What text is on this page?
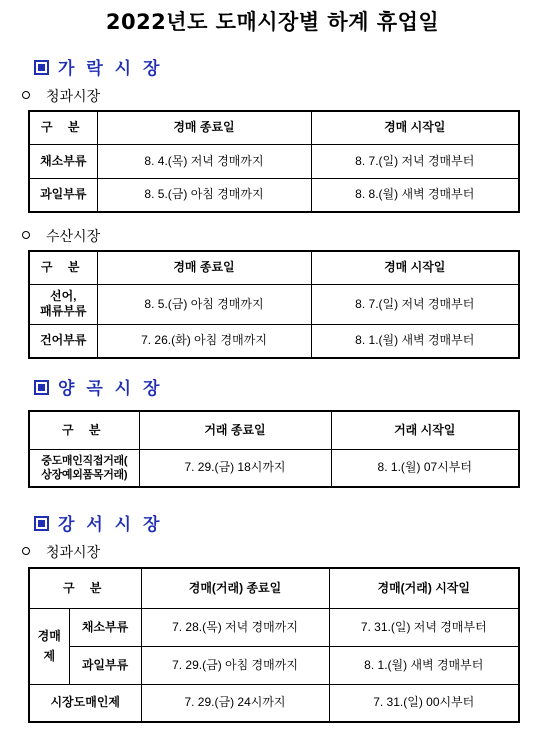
2022년도 도매시장별 하계 휴업일
가 락 시 장
청과시장
구 분	경매 종료일	경매 시작일
채소부류	8. 4.(목) 저녁 경매까지	8. 7.(일) 저녁 경매부터
과일부류	8. 5.(금) 아침 경매까지	8. 8.(월) 새벽 경매부터
수산시장
구 분	경매 종료일	경매 시작일

선어,
패류부류	8. 5.(금) 아침 경매까지	8. 7.(일) 저녁 경매부터
건어부류	7. 26.(화) 아침 경매까지	8. 1.(월) 새벽 경매부터
양 곡 시 장
구 분	거래 종료일	거래 시작일

중도매인직접거래(
상장예외품목거래)	7. 29.(금) 18시까지	8. 1.(월) 07시부터
강 서 시 장
청과시장
구 분		경매(거래) 종료일	경매(거래) 시작일

경매
제	채소부류	7. 28.(목) 저녁 경매까지	7. 31.(일) 저녁 경매부터
	과일부류	7. 29.(금) 아침 경매까지	8. 1.(월) 새벽 경매부터
시장도매인제		7. 29.(금) 24시까지	7. 31.(일) 00시부터
